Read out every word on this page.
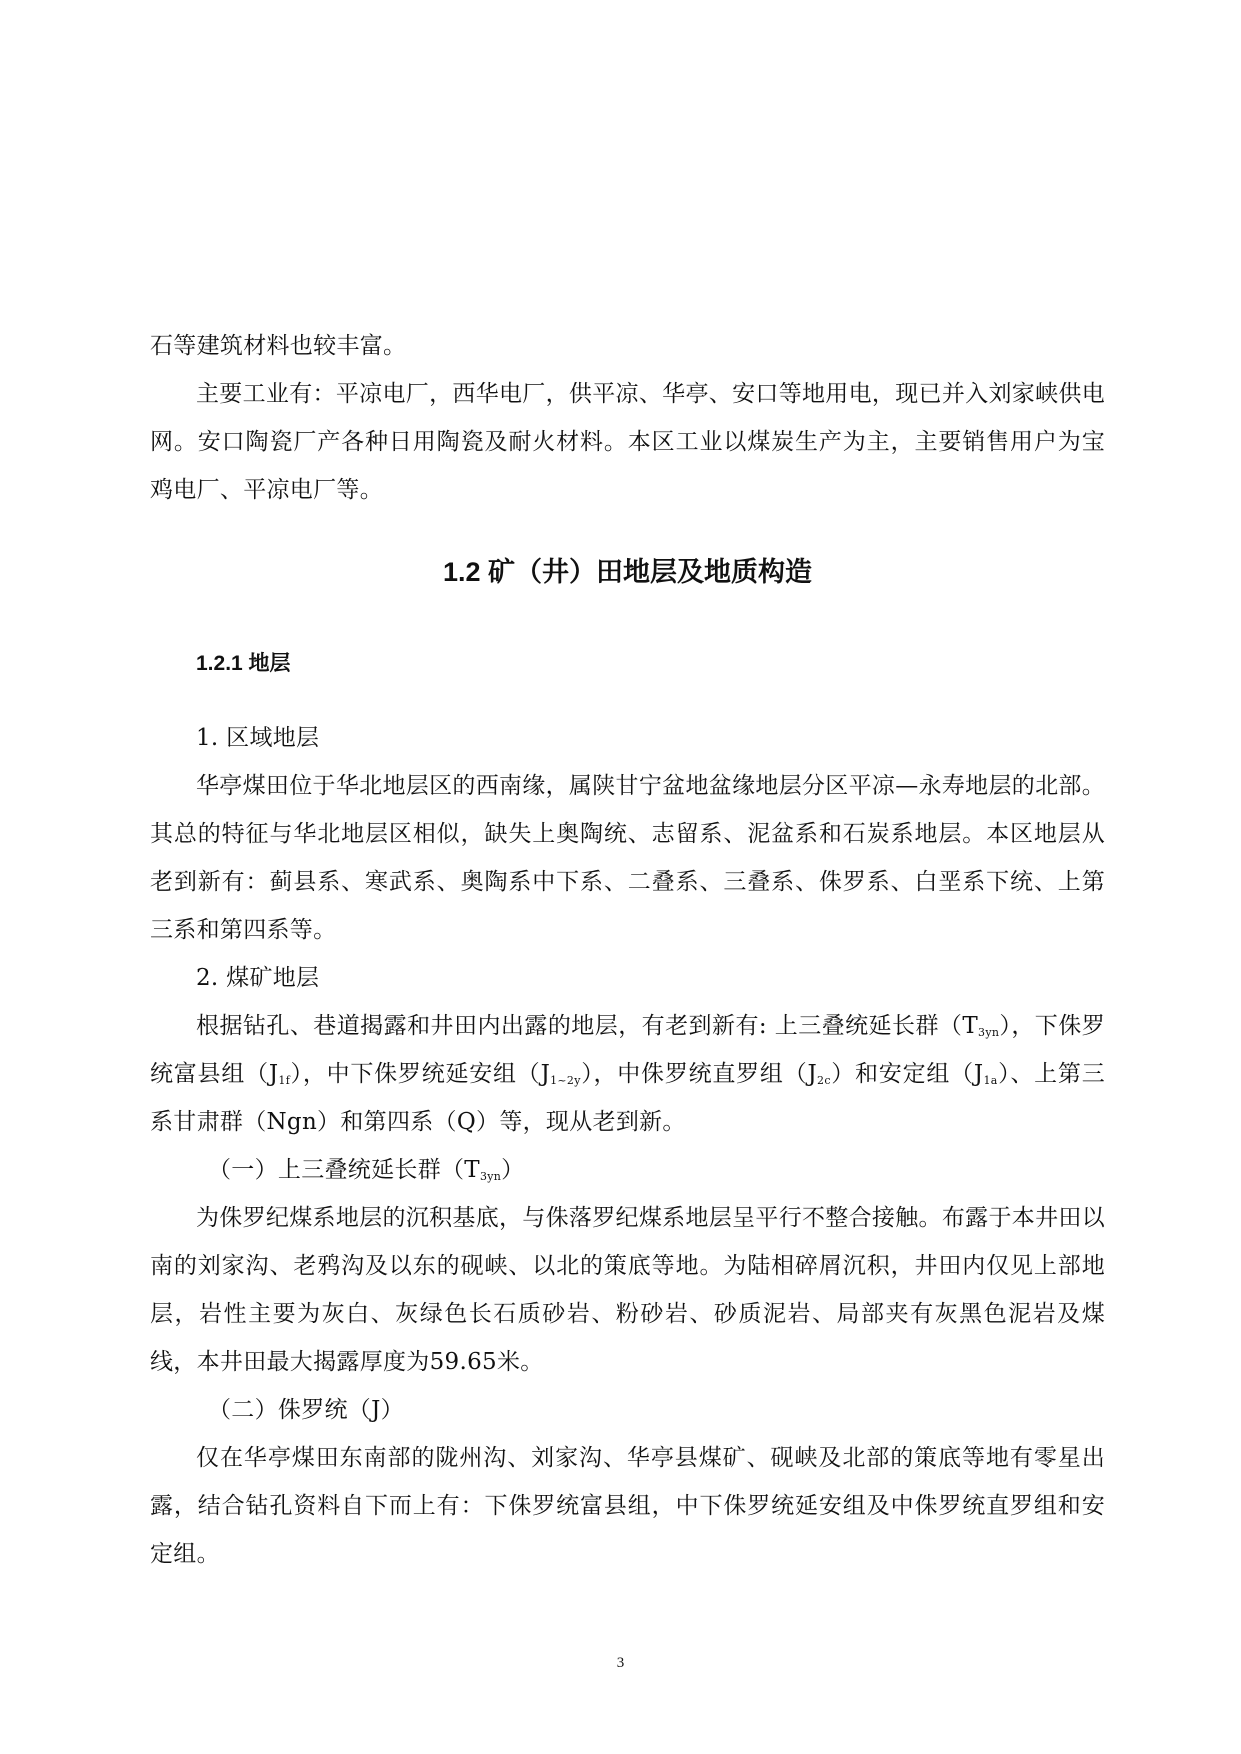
石等建筑材料也较丰富。

主要工业有：平凉电厂，西华电厂，供平凉、华亭、安口等地用电，现已并入刘家峡供电网。安口陶瓷厂产各种日用陶瓷及耐火材料。本区工业以煤炭生产为主，主要销售用户为宝鸡电厂、平凉电厂等。

1.2 矿（井）田地层及地质构造
1.2.1 地层

1. 区域地层

华亭煤田位于华北地层区的西南缘，属陕甘宁盆地盆缘地层分区平凉—永寿地层的北部。其总的特征与华北地层区相似，缺失上奥陶统、志留系、泥盆系和石炭系地层。本区地层从老到新有：蓟县系、寒武系、奥陶系中下系、二叠系、三叠系、侏罗系、白垩系下统、上第三系和第四系等。

2. 煤矿地层

根据钻孔、巷道揭露和井田内出露的地层，有老到新有: 上三叠统延长群$(T_{3yn})$，下侏罗统富县组$(J_{1f})$，中下侏罗统延安组$(J_{1\sim 2y})$，中侏罗统直罗组$(J_{2c})$和安定组$(J_{1a})$、上第三系甘肃群（Ngn）和第四系（Q）等，现从老到新。

（一）上三叠统延长群$(T_{3yn})$

为侏罗纪煤系地层的沉积基底，与侏落罗纪煤系地层呈平行不整合接触。布露于本井田以南的刘家沟、老鸦沟及以东的砚峡、以北的策底等地。为陆相碎屑沉积，井田内仅见上部地层，岩性主要为灰白、灰绿色长石质砂岩、粉砂岩、砂质泥岩、局部夹有灰黑色泥岩及煤线，本井田最大揭露厚度为59.65米。

（二）侏罗统（J）

仅在华亭煤田东南部的陇州沟、刘家沟、华亭县煤矿、砚峡及北部的策底等地有零星出露，结合钻孔资料自下而上有：下侏罗统富县组，中下侏罗统延安组及中侏罗统直罗组和安定组。

3
